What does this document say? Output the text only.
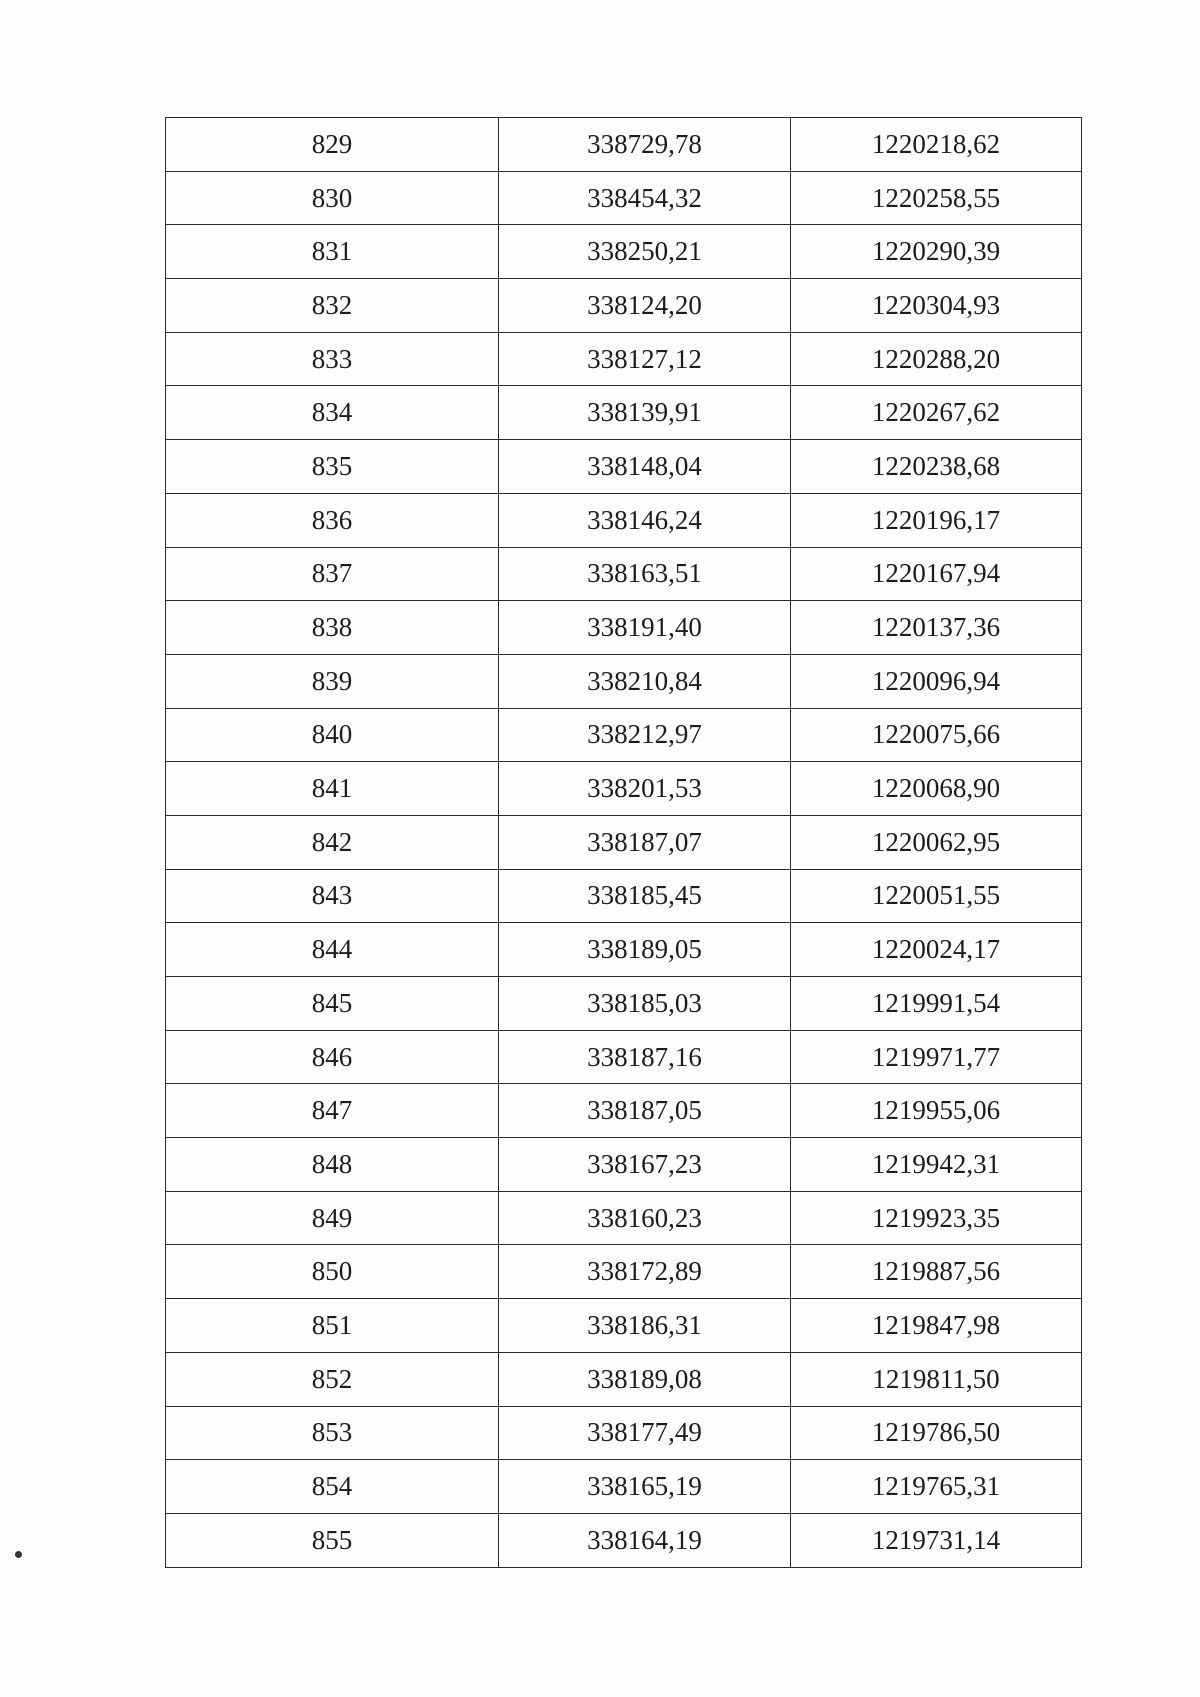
829	338729,78	1220218,62
830	338454,32	1220258,55
831	338250,21	1220290,39
832	338124,20	1220304,93
833	338127,12	1220288,20
834	338139,91	1220267,62
835	338148,04	1220238,68
836	338146,24	1220196,17
837	338163,51	1220167,94
838	338191,40	1220137,36
839	338210,84	1220096,94
840	338212,97	1220075,66
841	338201,53	1220068,90
842	338187,07	1220062,95
843	338185,45	1220051,55
844	338189,05	1220024,17
845	338185,03	1219991,54
846	338187,16	1219971,77
847	338187,05	1219955,06
848	338167,23	1219942,31
849	338160,23	1219923,35
850	338172,89	1219887,56
851	338186,31	1219847,98
852	338189,08	1219811,50
853	338177,49	1219786,50
854	338165,19	1219765,31
855	338164,19	1219731,14
